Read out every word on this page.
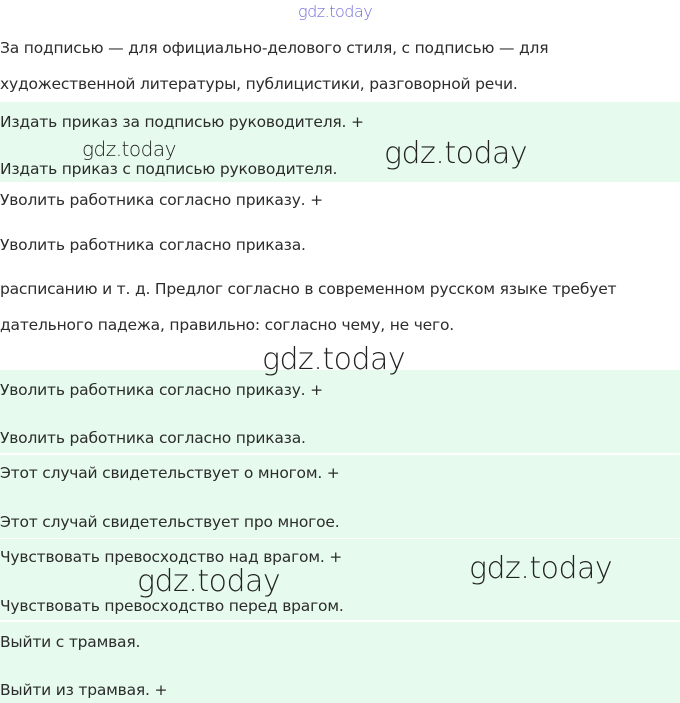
За подписью — для официально-делового стиля, с подписью — для
художественной литературы, публицистики, разговорной речи.
Издать приказ за подписью руководителя. +
Издать приказ с подписью руководителя.
Уволить работника согласно приказу. +
Уволить работника согласно приказа.
расписанию и т. д. Предлог согласно в современном русском языке требует
дательного падежа, правильно: согласно чему, не чего.
Уволить работника согласно приказу. +
Уволить работника согласно приказа.
Этот случай свидетельствует о многом. +
Этот случай свидетельствует про многое.
Чувствовать превосходство над врагом. +
Чувствовать превосходство перед врагом.
Выйти с трамвая.
Выйти из трамвая. +
gdz.today
gdz.today	gdz.today
gdz.today
gdz.today
gdz.today
